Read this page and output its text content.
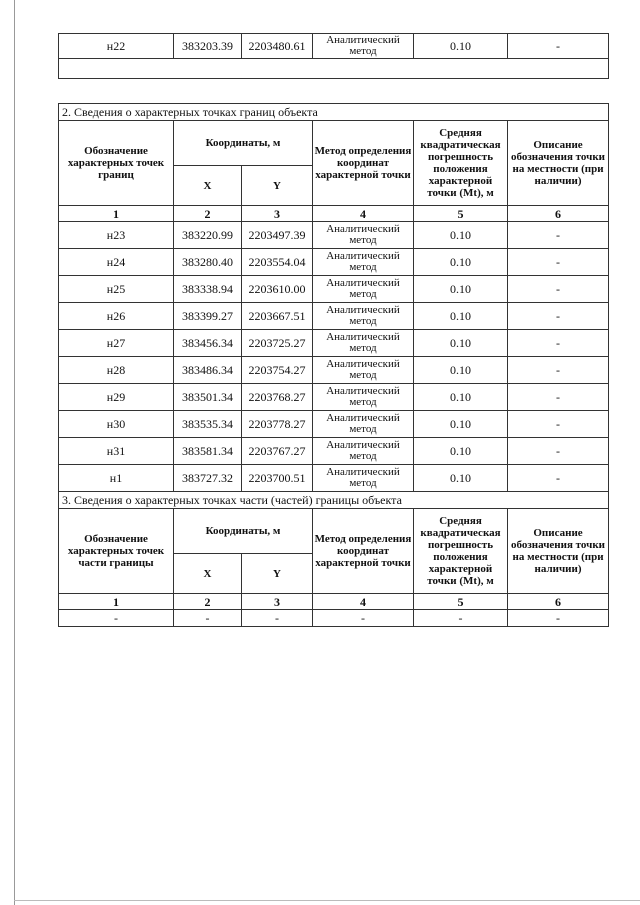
н22	383203.39	2203480.61	Аналитический метод	0.10	-

2. Сведения о характерных точках границ объекта					
Обозначение характерных точек границ	Координаты, м		Метод определения координат характерной точки	Средняя квадратическая погрешность положения характерной точки (Mt), м	Описание обозначения точки на местности (при наличии)
	X	Y			
1	2	3	4	5	6
н23	383220.99	2203497.39	Аналитический метод	0.10	-
н24	383280.40	2203554.04	Аналитический метод	0.10	-
н25	383338.94	2203610.00	Аналитический метод	0.10	-
н26	383399.27	2203667.51	Аналитический метод	0.10	-
н27	383456.34	2203725.27	Аналитический метод	0.10	-
н28	383486.34	2203754.27	Аналитический метод	0.10	-
н29	383501.34	2203768.27	Аналитический метод	0.10	-
н30	383535.34	2203778.27	Аналитический метод	0.10	-
н31	383581.34	2203767.27	Аналитический метод	0.10	-
н1	383727.32	2203700.51	Аналитический метод	0.10	-
3. Сведения о характерных точках части (частей) границы объекта					
Обозначение характерных точек части границы	Координаты, м		Метод определения координат характерной точки	Средняя квадратическая погрешность положения характерной точки (Mt), м	Описание обозначения точки на местности (при наличии)
	X	Y			
1	2	3	4	5	6
-	-	-	-	-	-
